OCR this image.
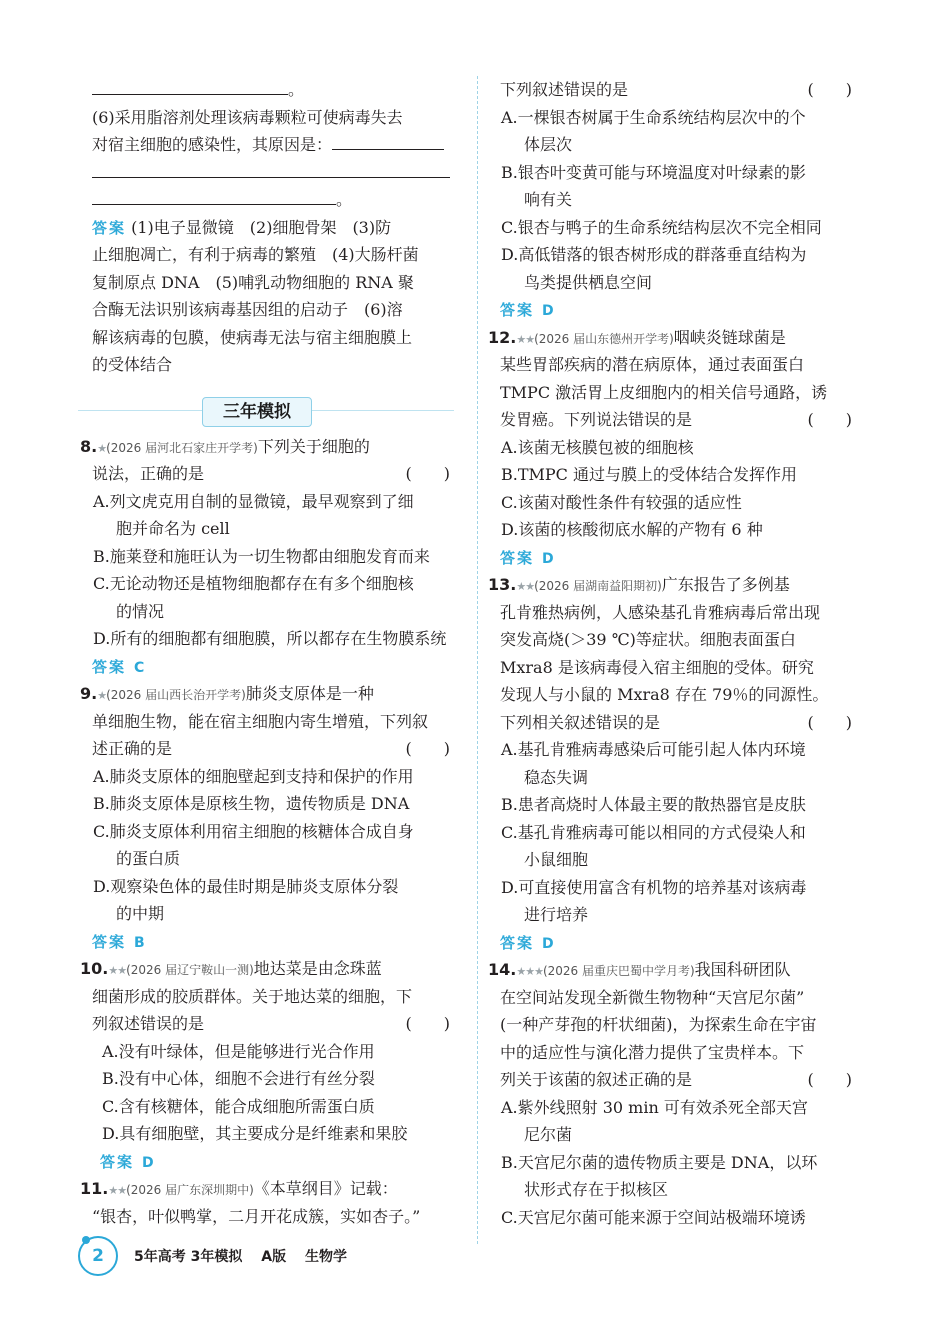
。
(6)采用脂溶剂处理该病毒颗粒可使病毒失去
对宿主细胞的感染性，其原因是：
。
答案 (1)电子显微镜　(2)细胞骨架　(3)防
止细胞凋亡，有利于病毒的繁殖　(4)大肠杆菌
复制原点 DNA　(5)哺乳动物细胞的 RNA 聚
合酶无法识别该病毒基因组的启动子　(6)溶
解该病毒的包膜，使病毒无法与宿主细胞膜上
的受体结合
三年模拟
8.★(2026 届河北石家庄开学考)下列关于细胞的
说法，正确的是	(　　)
A.列文虎克用自制的显微镜，最早观察到了细
胞并命名为 cell
B.施莱登和施旺认为一切生物都由细胞发育而来
C.无论动物还是植物细胞都存在有多个细胞核
的情况
D.所有的细胞都有细胞膜，所以都存在生物膜系统
答案 C
9.★(2026 届山西长治开学考)肺炎支原体是一种
单细胞生物，能在宿主细胞内寄生增殖，下列叙
述正确的是	(　　)
A.肺炎支原体的细胞壁起到支持和保护的作用
B.肺炎支原体是原核生物，遗传物质是 DNA
C.肺炎支原体利用宿主细胞的核糖体合成自身
的蛋白质
D.观察染色体的最佳时期是肺炎支原体分裂
的中期
答案 B
10.★★(2026 届辽宁鞍山一测)地达菜是由念珠蓝
细菌形成的胶质群体。关于地达菜的细胞，下
列叙述错误的是	(　　)
A.没有叶绿体，但是能够进行光合作用
B.没有中心体，细胞不会进行有丝分裂
C.含有核糖体，能合成细胞所需蛋白质
D.具有细胞壁，其主要成分是纤维素和果胶
答案 D
11.★★(2026 届广东深圳期中)《本草纲目》记载：
“银杏，叶似鸭掌，二月开花成簇，实如杏子。”
下列叙述错误的是	(　　)
A.一棵银杏树属于生命系统结构层次中的个
体层次
B.银杏叶变黄可能与环境温度对叶绿素的影
响有关
C.银杏与鸭子的生命系统结构层次不完全相同
D.高低错落的银杏树形成的群落垂直结构为
鸟类提供栖息空间
答案 D
12.★★(2026 届山东德州开学考)咽峡炎链球菌是
某些胃部疾病的潜在病原体，通过表面蛋白
TMPC 激活胃上皮细胞内的相关信号通路，诱
发胃癌。下列说法错误的是	(　　)
A.该菌无核膜包被的细胞核
B.TMPC 通过与膜上的受体结合发挥作用
C.该菌对酸性条件有较强的适应性
D.该菌的核酸彻底水解的产物有 6 种
答案 D
13.★★(2026 届湖南益阳期初)广东报告了多例基
孔肯雅热病例，人感染基孔肯雅病毒后常出现
突发高烧(＞39 ℃)等症状。细胞表面蛋白
Mxra8 是该病毒侵入宿主细胞的受体。研究
发现人与小鼠的 Mxra8 存在 79％的同源性。
下列相关叙述错误的是	(　　)
A.基孔肯雅病毒感染后可能引起人体内环境
稳态失调
B.患者高烧时人体最主要的散热器官是皮肤
C.基孔肯雅病毒可能以相同的方式侵染人和
小鼠细胞
D.可直接使用富含有机物的培养基对该病毒
进行培养
答案 D
14.★★★(2026 届重庆巴蜀中学月考)我国科研团队
在空间站发现全新微生物物种“天宫尼尔菌”
(一种产芽孢的杆状细菌)，为探索生命在宇宙
中的适应性与演化潜力提供了宝贵样本。下
列关于该菌的叙述正确的是	(　　)
A.紫外线照射 30 min 可有效杀死全部天宫
尼尔菌
B.天宫尼尔菌的遗传物质主要是 DNA，以环
状形式存在于拟核区
C.天宫尼尔菌可能来源于空间站极端环境诱
2	5年高考 3年模拟 A版 生物学
